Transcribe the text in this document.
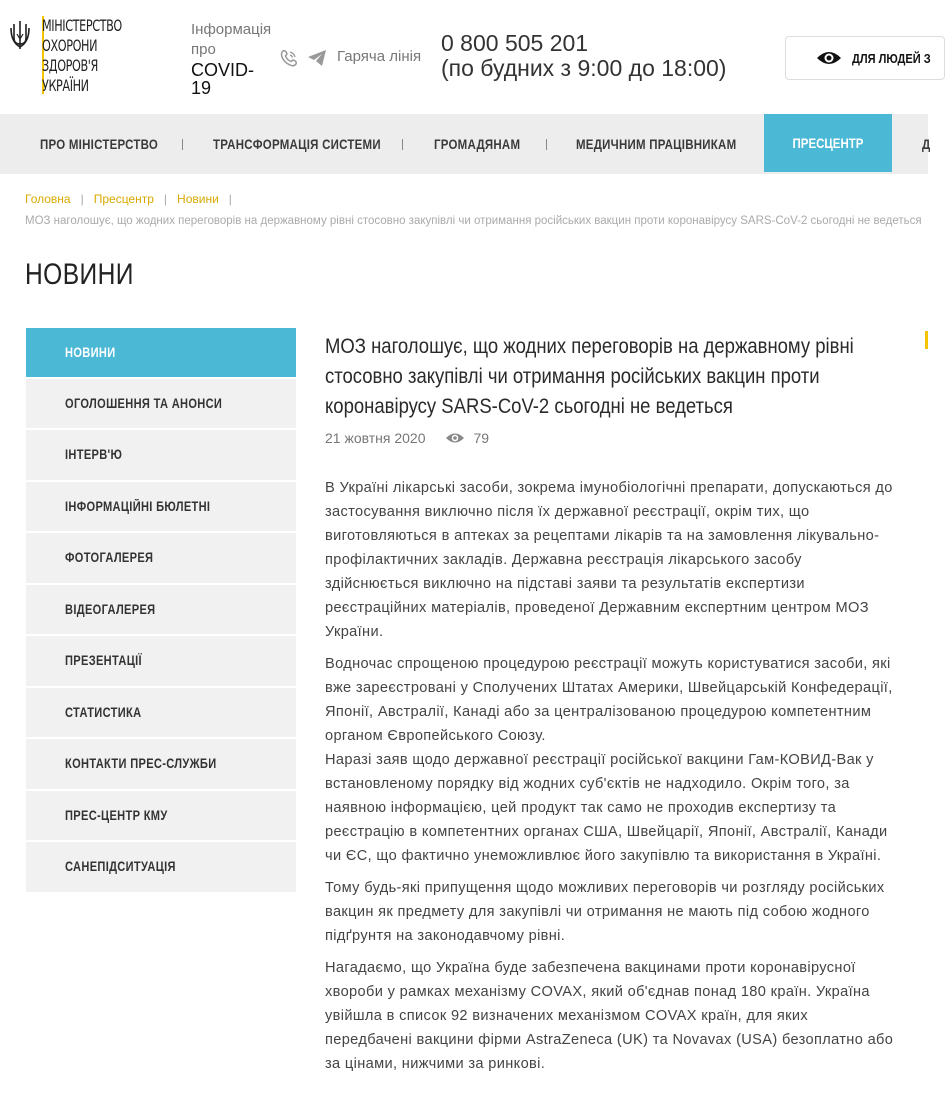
МІНІСТЕРСТВО
ОХОРОНИ
ЗДОРОВ'Я
УКРАЇНИ
Інформація про
COVID-19
Гаряча лінія
0 800 505 201
(по будних з 9:00 до 18:00)	ДЛЯ ЛЮДЕЙ З
ПРО МІНІСТЕРСТВО	ТРАНСФОРМАЦІЯ СИСТЕМИ	ГРОМАДЯНАМ	МЕДИЧНИМ ПРАЦІВНИКАМ	ПРЕСЦЕНТР	Д
Головна | Пресцентр | Новини |
МОЗ наголошує, що жодних переговорів на державному рівні стосовно закупівлі чи отримання російських вакцин проти коронавірусу SARS-CoV-2 сьогодні не ведеться
НОВИНИ
НОВИНИ
ОГОЛОШЕННЯ ТА АНОНСИ
ІНТЕРВ'Ю
ІНФОРМАЦІЙНІ БЮЛЕТНІ
ФОТОГАЛЕРЕЯ
ВІДЕОГАЛЕРЕЯ
ПРЕЗЕНТАЦІЇ
СТАТИСТИКА
КОНТАКТИ ПРЕС-СЛУЖБИ
ПРЕС-ЦЕНТР КМУ
САНЕПІДСИТУАЦІЯ
МОЗ наголошує, що жодних переговорів на державному рівні стосовно закупівлі чи отримання російських вакцин проти коронавірусу SARS-CoV-2 сьогодні не ведеться
21 жовтня 2020	79

В Україні лікарські засоби, зокрема імунобіологічні препарати, допускаються до застосування виключно після їх державної реєстрації, окрім тих, що виготовляються в аптеках за рецептами лікарів та на замовлення лікувально-профілактичних закладів. Державна реєстрація лікарського засобу здійснюється виключно на підставі заяви та результатів експертизи реєстраційних матеріалів, проведеної Державним експертним центром МОЗ України.

Водночас спрощеною процедурою реєстрації можуть користуватися засоби, які вже зареєстровані у Сполучених Штатах Америки, Швейцарській Конфедерації, Японії, Австралії, Канаді або за централізованою процедурою компетентним органом Європейського Союзу.

Наразі заяв щодо державної реєстрації російської вакцини Гам-КОВИД-Вак у встановленому порядку від жодних суб'єктів не надходило. Окрім того, за наявною інформацією, цей продукт так само не проходив експертизу та реєстрацію в компетентних органах США, Швейцарії, Японії, Австралії, Канади чи ЄС, що фактично унеможливлює його закупівлю та використання в Україні.

Тому будь-які припущення щодо можливих переговорів чи розгляду російських вакцин як предмету для закупівлі чи отримання не мають під собою жодного підґрунтя на законодавчому рівні.

Нагадаємо, що Україна буде забезпечена вакцинами проти коронавірусної хвороби у рамках механізму COVAX, який об'єднав понад 180 країн. Україна увійшла в список 92 визначених механізмом COVAX країн, для яких передбачені вакцини фірми AstraZeneca (UK) та Novavax (USA) безоплатно або за цінами, нижчими за ринкові.
